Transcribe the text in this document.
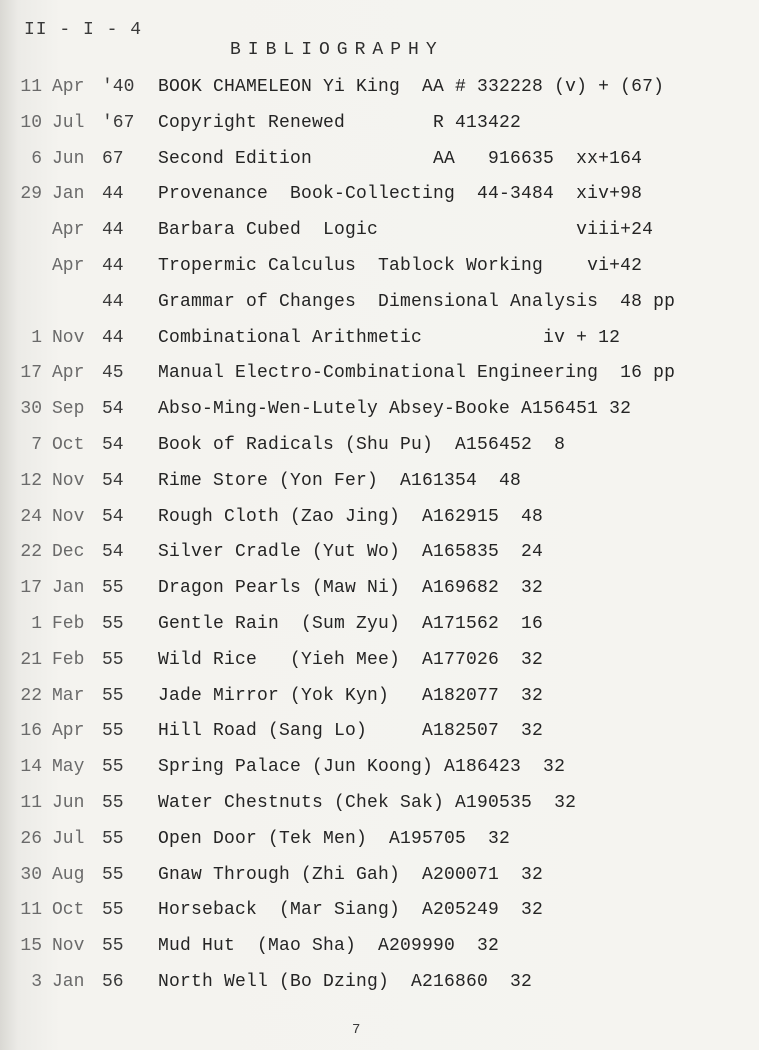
II - I - 4
BIBLIOGRAPHY
11 Apr '40 BOOK CHAMELEON Yi King  AA # 332228 (v) + (67)
10 Jul '67 Copyright Renewed        R 413422
6 Jun 67 Second Edition           AA   916635  xx+164
29 Jan 44 Provenance  Book-Collecting  44-3484  xiv+98
Apr 44 Barbara Cubed  Logic                  viii+24
Apr 44 Tropermic Calculus  Tablock Working    vi+42
44 Grammar of Changes  Dimensional Analysis  48 pp
1 Nov 44 Combinational Arithmetic           iv + 12
17 Apr 45 Manual Electro-Combinational Engineering  16 pp
30 Sep 54 Abso-Ming-Wen-Lutely Absey-Booke A156451 32
7 Oct 54 Book of Radicals (Shu Pu)  A156452  8
12 Nov 54 Rime Store (Yon Fer)  A161354  48
24 Nov 54 Rough Cloth (Zao Jing)  A162915  48
22 Dec 54 Silver Cradle (Yut Wo)  A165835  24
17 Jan 55 Dragon Pearls (Maw Ni)  A169682  32
1 Feb 55 Gentle Rain  (Sum Zyu)  A171562  16
21 Feb 55 Wild Rice   (Yieh Mee)  A177026  32
22 Mar 55 Jade Mirror (Yok Kyn)   A182077  32
16 Apr 55 Hill Road (Sang Lo)     A182507  32
14 May 55 Spring Palace (Jun Koong) A186423  32
11 Jun 55 Water Chestnuts (Chek Sak) A190535  32
26 Jul 55 Open Door (Tek Men)  A195705  32
30 Aug 55 Gnaw Through (Zhi Gah)  A200071  32
11 Oct 55 Horseback  (Mar Siang)  A205249  32
15 Nov 55 Mud Hut  (Mao Sha)  A209990  32
3 Jan 56 North Well (Bo Dzing)  A216860  32
7
